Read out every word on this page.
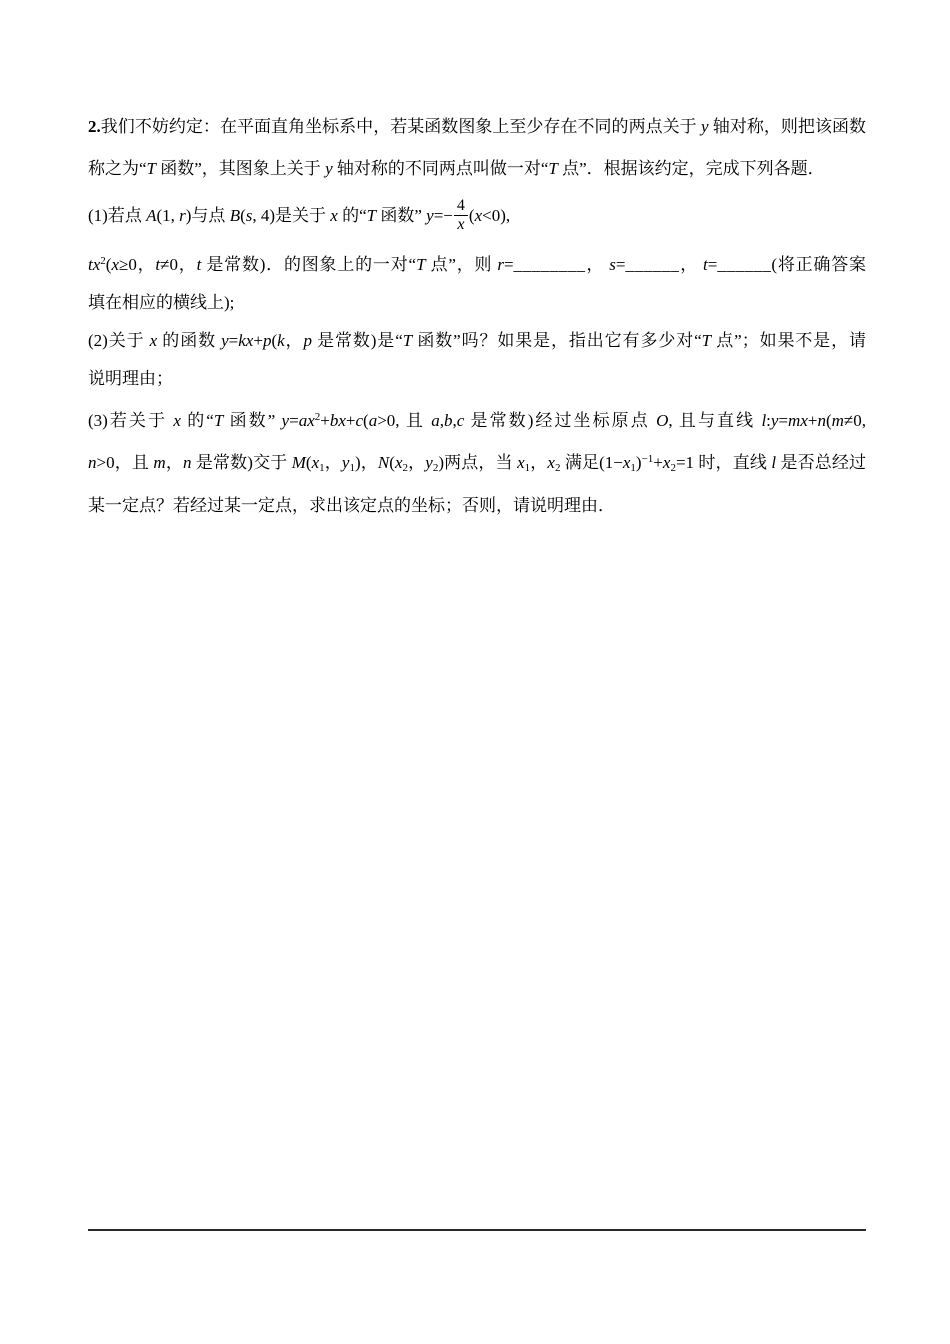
2.我们不妨约定：在平面直角坐标系中，若某函数图象上至少存在不同的两点关于 y 轴对称，则把该函数
称之为“T 函数”，其图象上关于 y 轴对称的不同两点叫做一对“T 点”．根据该约定，完成下列各题．
(1)若点 A(1, r)与点 B(s, 4)是关于 x 的“T 函数” $y=- \frac{4}{x} (x<0)$,
$tx^2(x\ge 0$，t≠0，t 是常数)．的图象上的一对“T 点”，则 r=________， s=______， t=______(将正确答案
填在相应的横线上);
(2)关于 x 的函数 y=kx+p(k，p 是常数)是“T 函数”吗？如果是，指出它有多少对“T 点”；如果不是，请
说明理由；
(3)若关于 x 的“T 函数” $y=ax^2+bx+c(a>0$, 且 a,b,c 是常数)经过坐标原点 O, 且与直线 l:y=mx+n(m≠0,
n>0，且 m，n 是常数)交于 $M(x_1$，$y_1$)，$N(x_2$，$y_2$)两点，当 $x_1$，$x_2$ 满足$(1-x_1)^{-1}+x_2=1$ 时，直线 l 是否总经过
某一定点？若经过某一定点，求出该定点的坐标；否则，请说明理由．
